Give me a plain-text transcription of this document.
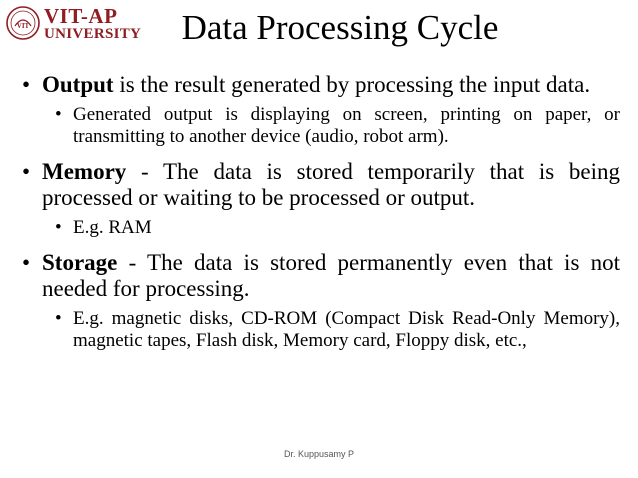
VIT VIT-AP
UNIVERSITY	Data Processing Cycle
• Output is the result generated by processing the input data.
• Generated output is displaying on screen, printing on paper, or transmitting to another device (audio, robot arm).
• Memory - The data is stored temporarily that is being processed or waiting to be processed or output.
• E.g. RAM
• Storage - The data is stored permanently even that is not needed for processing.
• E.g. magnetic disks, CD-ROM (Compact Disk Read-Only Memory), magnetic tapes, Flash disk, Memory card, Floppy disk, etc.,
Dr. Kuppusamy P
